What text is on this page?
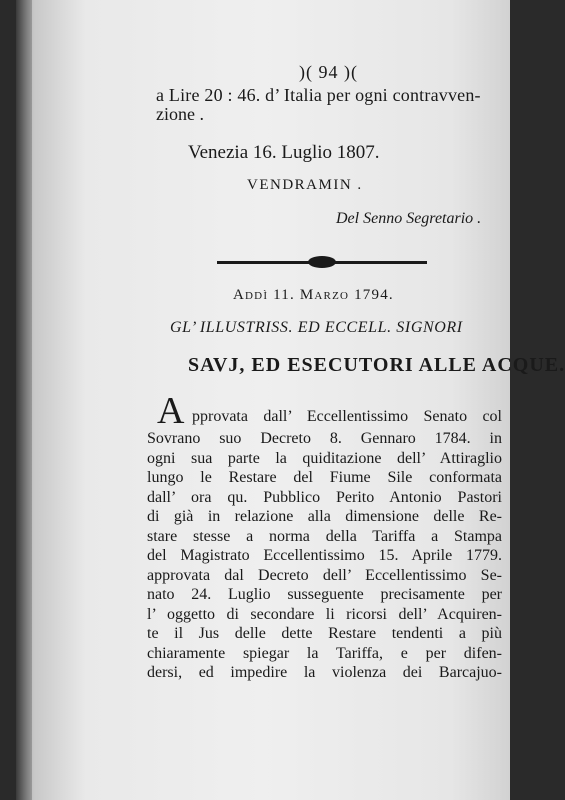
)( 94 )(
a Lire 20 : 46. d’ Italia per ogni contravven-
zione .
Venezia 16. Luglio 1807.
VENDRAMIN .
Del Senno Segretario .
Addì 11. Marzo 1794.
GL’ ILLUSTRISS. ED ECCELL. SIGNORI
SAVJ, ED ESECUTORI ALLE ACQUE.
A pprovata dall’ Eccellentissimo Senato col
Sovrano suo Decreto 8. Gennaro 1784. in
ogni sua parte la quiditazione dell’ Attiraglio
lungo le Restare del Fiume Sile conformata
dall’ ora qu. Pubblico Perito Antonio Pastori
di già in relazione alla dimensione delle Re-
stare stesse a norma della Tariffa a Stampa
del Magistrato Eccellentissimo 15. Aprile 1779.
approvata dal Decreto dell’ Eccellentissimo Se-
nato 24. Luglio susseguente precisamente per
l’ oggetto di secondare li ricorsi dell’ Acquiren-
te il Jus delle dette Restare tendenti a più
chiaramente spiegar la Tariffa, e per difen-
dersi, ed impedire la violenza dei Barcajuo-
